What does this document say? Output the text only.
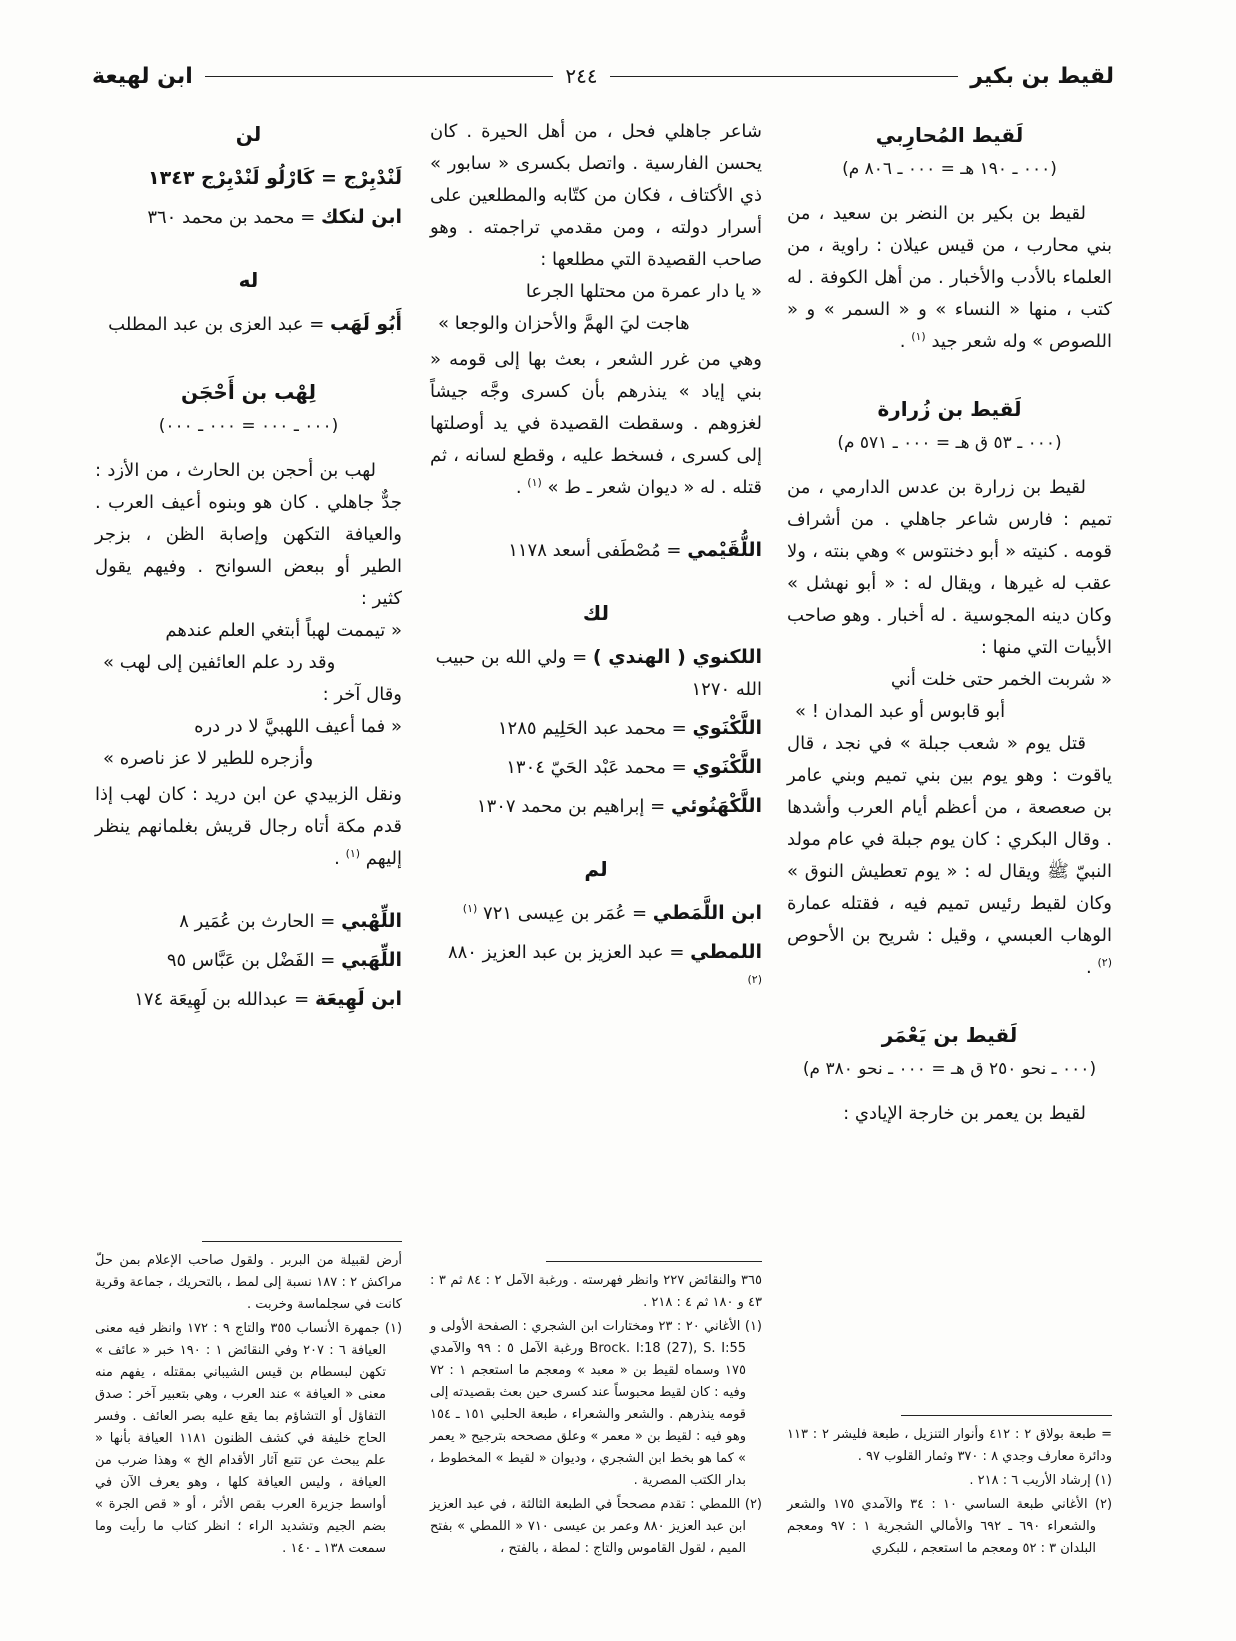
لقيط بن بكير
٢٤٤
ابن لهيعة
لَقيط المُحارِبي
(٠٠٠ ـ ١٩٠ هـ = ٠٠٠ ـ ٨٠٦ م)

لقيط بن بكير بن النضر بن سعيد ، من بني محارب ، من قيس عيلان : راوية ، من العلماء بالأدب والأخبار . من أهل الكوفة . له كتب ، منها « النساء » و « السمر » و « اللصوص » وله شعر جيد $^{(١)}$ .

لَقيط بن زُرارة
(٠٠٠ ـ ٥٣ ق هـ = ٠٠٠ ـ ٥٧١ م)

لقيط بن زرارة بن عدس الدارمي ، من تميم : فارس شاعر جاهلي . من أشراف قومه . كنيته « أبو دخنتوس » وهي بنته ، ولا عقب له غيرها ، ويقال له : « أبو نهشل » وكان دينه المجوسية . له أخبار . وهو صاحب الأبيات التي منها :

« شربت الخمر حتى خلت أني
أبو قابوس أو عبد المدان ! »

قتل يوم « شعب جبلة » في نجد ، قال ياقوت : وهو يوم بين بني تميم وبني عامر بن صعصعة ، من أعظم أيام العرب وأشدها . وقال البكري : كان يوم جبلة في عام مولد النبيّ ﷺ ويقال له : « يوم تعطيش النوق » وكان لقيط رئيس تميم فيه ، فقتله عمارة الوهاب العبسي ، وقيل : شريح بن الأحوص $^{(٢)}$ .

لَقيط بن يَعْمَر
(٠٠٠ ـ نحو ٢٥٠ ق هـ = ٠٠٠ ـ نحو ٣٨٠ م)

لقيط بن يعمر بن خارجة الإيادي :

= طبعة بولاق ٢ : ٤١٢ وأنوار التنزيل ، طبعة فليشر ٢ : ١١٣ ودائرة معارف وجدي ٨ : ٣٧٠ وثمار القلوب ٩٧ .

(١) إرشاد الأريب ٦ : ٢١٨ .

(٢) الأغاني طبعة الساسي ١٠ : ٣٤ والآمدي ١٧٥ والشعر والشعراء ٦٩٠ ـ ٦٩٢ والأمالي الشجرية ١ : ٩٧ ومعجم البلدان ٣ : ٥٢ ومعجم ما استعجم ، للبكري

شاعر جاهلي فحل ، من أهل الحيرة . كان يحسن الفارسية . واتصل بكسرى « سابور » ذي الأكتاف ، فكان من كتّابه والمطلعين على أسرار دولته ، ومن مقدمي تراجمته . وهو صاحب القصيدة التي مطلعها :

« يا دار عمرة من محتلها الجرعا
هاجت ليَ الهمَّ والأحزان والوجعا »

وهي من غرر الشعر ، بعث بها إلى قومه « بني إياد » ينذرهم بأن كسرى وجَّه جيشاً لغزوهم . وسقطت القصيدة في يد أوصلتها إلى كسرى ، فسخط عليه ، وقطع لسانه ، ثم قتله . له « ديوان شعر ـ ط » $^{(١)}$ .

اللُّقَيْمي = مُصْطَفى أسعد ١١٧٨
لك
اللكنوي ( الهندي ) = ولي الله بن حبيب الله ١٢٧٠
اللَّكْنَوي = محمد عبد الحَلِيم ١٢٨٥
اللَّكْنَوي = محمد عَبْد الحَيّ ١٣٠٤
اللَّكْهَنُوئي = إبراهيم بن محمد ١٣٠٧
لم
ابن اللَّمَطي = عُمَر بن عِيسى ٧٢١ $^{(١)}$
اللمطي = عبد العزيز بن عبد العزيز ٨٨٠ $^{(٢)}$

٣٦٥ والنقائض ٢٢٧ وانظر فهرسته . ورغبة الآمل ٢ : ٨٤ ثم ٣ : ٤٣ و ١٨٠ ثم ٤ : ٢١٨ .

(١) الأغاني ٢٠ : ٢٣ ومختارات ابن الشجري : الصفحة الأولى و Brock. I:18 (27), S. I:55 ورغبة الآمل ٥ : ٩٩ والآمدي ١٧٥ وسماه لقيط بن « معبد » ومعجم ما استعجم ١ : ٧٢ وفيه : كان لقيط محبوساً عند كسرى حين بعث بقصيدته إلى قومه ينذرهم . والشعر والشعراء ، طبعة الحلبي ١٥١ ـ ١٥٤ وهو فيه : لقيط بن « معمر » وعلق مصححه بترجيح « يعمر » كما هو بخط ابن الشجري ، وديوان « لقيط » المخطوط ، بدار الكتب المصرية .

(٢) اللمطي : تقدم مصححاً في الطبعة الثالثة ، في عبد العزيز ابن عبد العزيز ٨٨٠ وعمر بن عيسى ٧١٠ « اللمطي » بفتح الميم ، لقول القاموس والتاج : لمطة ، بالفتح ،

لن
لَنْدْبِرْج = كَارْلُو لَنْدْبِرْج ١٣٤٣
ابن لنكك = محمد بن محمد ٣٦٠
له
أَبُو لَهَب = عبد العزى بن عبد المطلب
لِهْب بن أَحْجَن
(٠٠٠ ـ ٠٠٠ = ٠٠٠ ـ ٠٠٠)

لهب بن أحجن بن الحارث ، من الأزد : جدٌّ جاهلي . كان هو وبنوه أعيف العرب . والعيافة التكهن وإصابة الظن ، بزجر الطير أو ببعض السوانح . وفيهم يقول كثير :

« تيممت لهباً أبتغي العلم عندهم
وقد رد علم العائفين إلى لهب »
وقال آخر :
« فما أعيف اللهبيَّ لا در دره
وأزجره للطير لا عز ناصره »

ونقل الزبيدي عن ابن دريد : كان لهب إذا قدم مكة أتاه رجال قريش بغلمانهم ينظر إليهم $^{(١)}$ .

اللِّهْبي = الحارث بن عُمَير ٨
اللِّهَبي = الفَضْل بن عَبَّاس ٩٥
ابن لَهِيعَة = عبدالله بن لَهِيعَة ١٧٤

أرض لقبيلة من البربر . ولقول صاحب الإعلام بمن حلّ مراكش ٢ : ١٨٧ نسبة إلى لمط ، بالتحريك ، جماعة وقرية كانت في سجلماسة وخربت .

(١) جمهرة الأنساب ٣٥٥ والتاج ٩ : ١٧٢ وانظر فيه معنى العيافة ٦ : ٢٠٧ وفي النقائض ١ : ١٩٠ خبر « عائف » تكهن لبسطام بن قيس الشيباني بمقتله ، يفهم منه معنى « العيافة » عند العرب ، وهي بتعبير آخر : صدق التفاؤل أو التشاؤم بما يقع عليه بصر العائف . وفسر الحاج خليفة في كشف الظنون ١١٨١ العيافة بأنها « علم يبحث عن تتبع آثار الأقدام الخ » وهذا ضرب من العيافة ، وليس العيافة كلها ، وهو يعرف الآن في أواسط جزيرة العرب بقص الأثر ، أو « قص الجرة » بضم الجيم وتشديد الراء ؛ انظر كتاب ما رأيت وما سمعت ١٣٨ ـ ١٤٠ .
